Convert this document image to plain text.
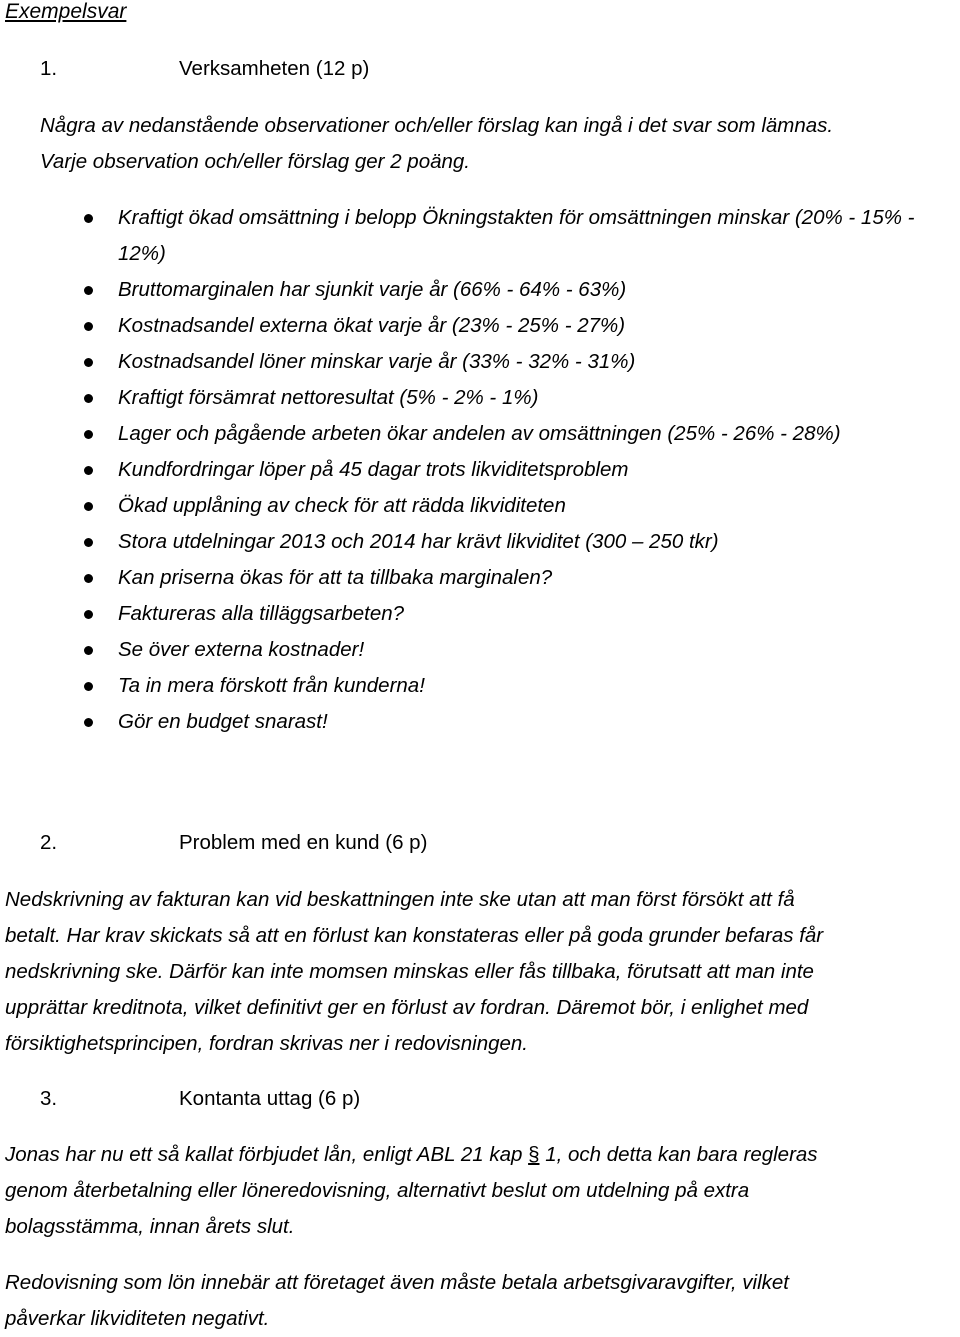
Exempelsvar
1.	Verksamheten (12 p)
Några av nedanstående observationer och/eller förslag kan ingå i det svar som lämnas.
Varje observation och/eller förslag ger 2 poäng.
Kraftigt ökad omsättning i belopp Ökningstakten för omsättningen minskar (20% - 15% - 12%)
Bruttomarginalen har sjunkit varje år (66% - 64% - 63%)
Kostnadsandel externa ökat varje år (23% - 25% - 27%)
Kostnadsandel löner minskar varje år (33% - 32% - 31%)
Kraftigt försämrat nettoresultat (5% - 2% - 1%)
Lager och pågående arbeten ökar andelen av omsättningen (25% - 26% - 28%)
Kundfordringar löper på 45 dagar trots likviditetsproblem
Ökad upplåning av check för att rädda likviditeten
Stora utdelningar 2013 och 2014 har krävt likviditet (300 – 250 tkr)
Kan priserna ökas för att ta tillbaka marginalen?
Faktureras alla tilläggsarbeten?
Se över externa kostnader!
Ta in mera förskott från kunderna!
Gör en budget snarast!
2.	Problem med en kund (6 p)
Nedskrivning av fakturan kan vid beskattningen inte ske utan att man först försökt att få
betalt. Har krav skickats så att en förlust kan konstateras eller på goda grunder befaras får
nedskrivning ske. Därför kan inte momsen minskas eller fås tillbaka, förutsatt att man inte
upprättar kreditnota, vilket definitivt ger en förlust av fordran. Däremot bör, i enlighet med
försiktighetsprincipen, fordran skrivas ner i redovisningen.
3.	Kontanta uttag (6 p)
Jonas har nu ett så kallat förbjudet lån, enligt ABL 21 kap § 1, och detta kan bara regleras
genom återbetalning eller löneredovisning, alternativt beslut om utdelning på extra
bolagsstämma, innan årets slut.
Redovisning som lön innebär att företaget även måste betala arbetsgivaravgifter, vilket
påverkar likviditeten negativt.
